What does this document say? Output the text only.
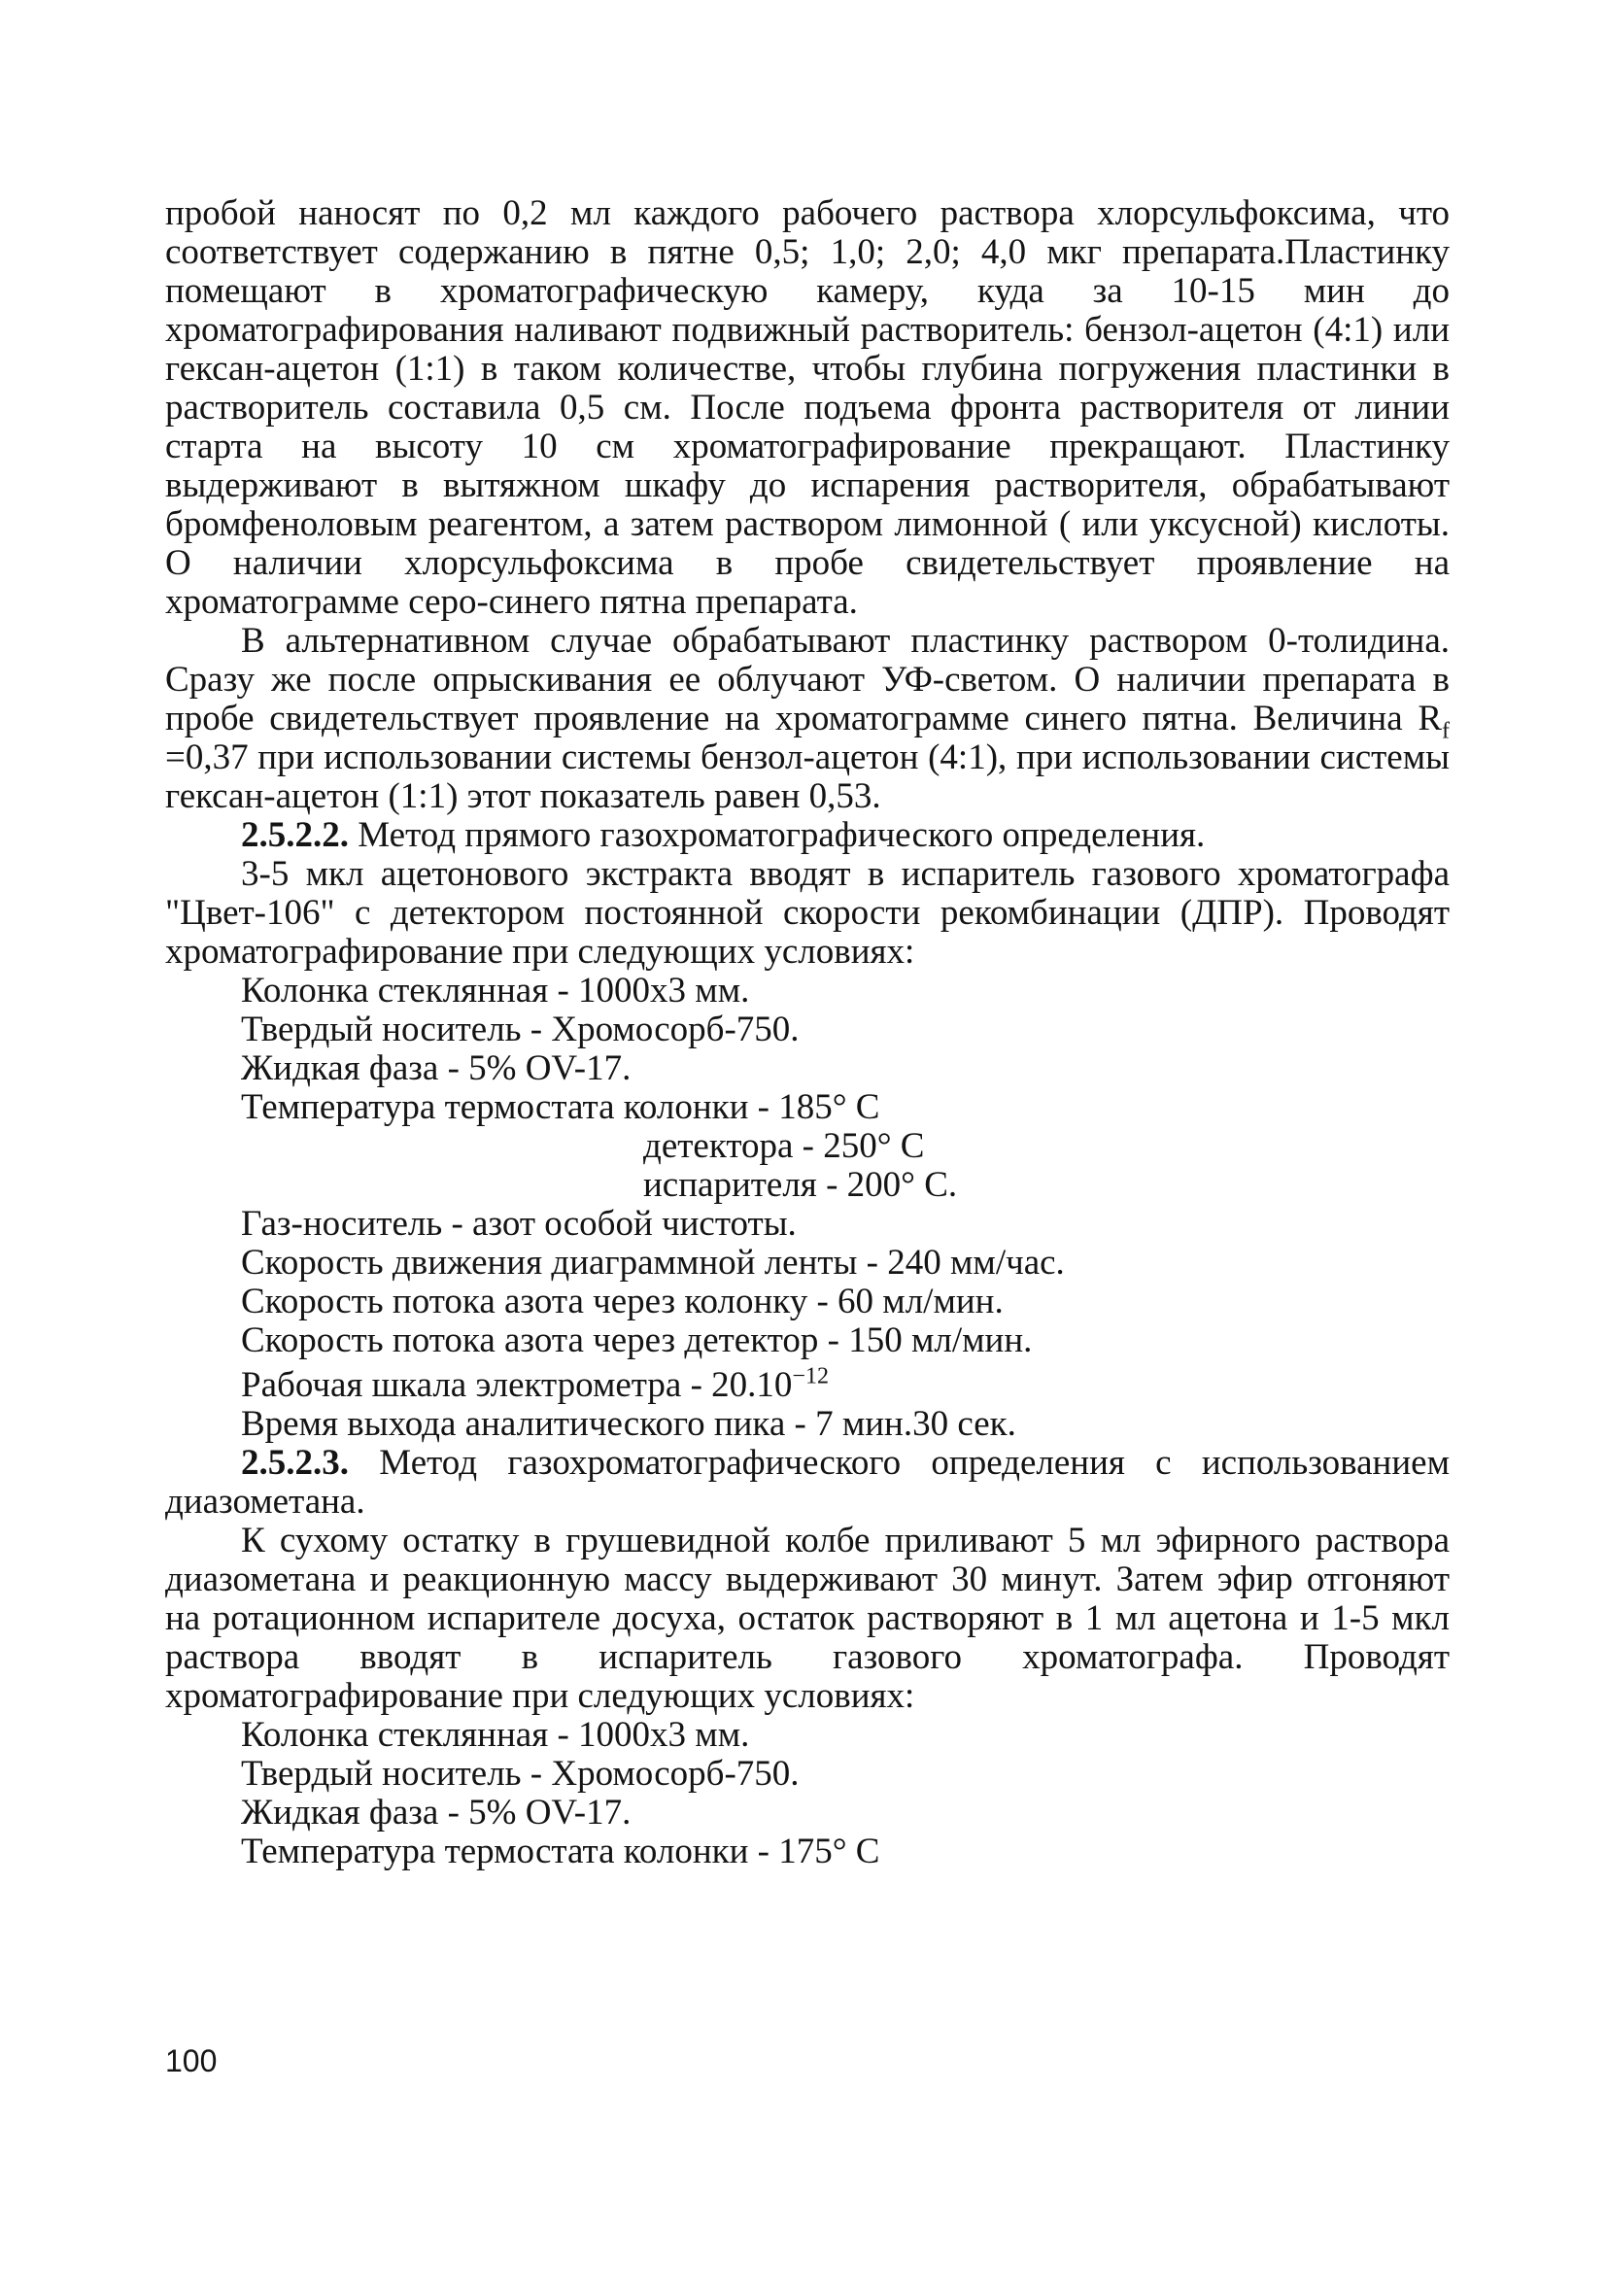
пробой наносят по 0,2 мл каждого рабочего раствора хлорсульфоксима, что соответствует содержанию в пятне 0,5; 1,0; 2,0; 4,0 мкг препарата.Пластинку помещают в хроматографическую камеру, куда за 10-15 мин до хроматографирования наливают подвижный растворитель: бензол-ацетон (4:1) или гексан-ацетон (1:1) в таком количестве, чтобы глубина погружения пластинки в растворитель составила 0,5 см. После подъема фронта растворителя от линии старта на высоту 10 см хроматографирование прекращают. Пластинку выдерживают в вытяжном шкафу до испарения растворителя, обрабатывают бромфеноловым реагентом, а затем раствором лимонной ( или уксусной) кислоты. О наличии хлорсульфоксима в пробе свидетельствует проявление на хроматограмме серо-синего пятна препарата.

В альтернативном случае обрабатывают пластинку раствором 0-толидина. Сразу же после опрыскивания ее облучают УФ-светом. О наличии препарата в пробе свидетельствует проявление на хроматограмме синего пятна. Величина $R_f =0,37$ при использовании системы бензол-ацетон (4:1), при использовании системы гексан-ацетон (1:1) этот показатель равен 0,53.

2.5.2.2. Метод прямого газохроматографического определения.

3-5 мкл ацетонового экстракта вводят в испаритель газового хроматографа "Цвет-106" с детектором постоянной скорости рекомбинации (ДПР). Проводят хроматографирование при следующих условиях:

Колонка стеклянная - 1000х3 мм.

Твердый носитель - Хромосорб-750.

Жидкая фаза - 5% OV-17.

Температура термостата колонки - 185° С

детектора - 250° С

испарителя - 200° С.

Газ-носитель - азот особой чистоты.

Скорость движения диаграммной ленты - 240 мм/час.

Скорость потока азота через колонку - 60 мл/мин.

Скорость потока азота через детектор - 150 мл/мин.

Рабочая шкала электрометра - $20.10^{-12}$

Время выхода аналитического пика - 7 мин.30 сек.

2.5.2.3. Метод газохроматографического определения с использованием диазометана.

К сухому остатку в грушевидной колбе приливают 5 мл эфирного раствора диазометана и реакционную массу выдерживают 30 минут. Затем эфир отгоняют на ротационном испарителе досуха, остаток растворяют в 1 мл ацетона и 1-5 мкл раствора вводят в испаритель газового хроматографа. Проводят хроматографирование при следующих условиях:

Колонка стеклянная - 1000х3 мм.

Твердый носитель - Хромосорб-750.

Жидкая фаза - 5% OV-17.

Температура термостата колонки - 175° С

100
